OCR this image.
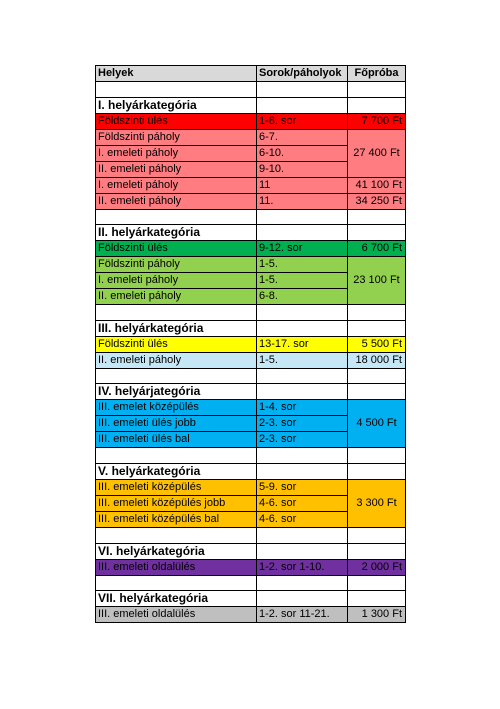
Helyek	Sorok/páholyok	Főpróba

I. helyárkategória		
Földszinti ülés	1-8. sor	7 700 Ft
Földszinti páholy	6-7.	27 400 Ft
I. emeleti páholy	6-10.	
II. emeleti páholy	9-10.	
I. emeleti páholy	11	41 100 Ft
II. emeleti páholy	11.	34 250 Ft

II. helyárkategória		
Földszinti ülés	9-12. sor	6 700 Ft
Földszinti páholy	1-5.	23 100 Ft
I. emeleti páholy	1-5.	
II. emeleti páholy	6-8.	

III. helyárkategória		
Földszinti ülés	13-17. sor	5 500 Ft
II. emeleti páholy	1-5.	18 000 Ft

IV. helyárjategória		
III. emelet középülés	1-4. sor	4 500 Ft
III. emeleti ülés jobb	2-3. sor	
III. emeleti ülés bal	2-3. sor	

V. helyárkategória		
III. emeleti középülés	5-9. sor	3 300 Ft
III. emeleti középülés jobb	4-6. sor	
III. emeleti középülés bal	4-6. sor	

VI. helyárkategória		
III. emeleti oldalülés	1-2. sor 1-10.	2 000 Ft

VII. helyárkategória		
III. emeleti oldalülés	1-2. sor 11-21.	1 300 Ft
